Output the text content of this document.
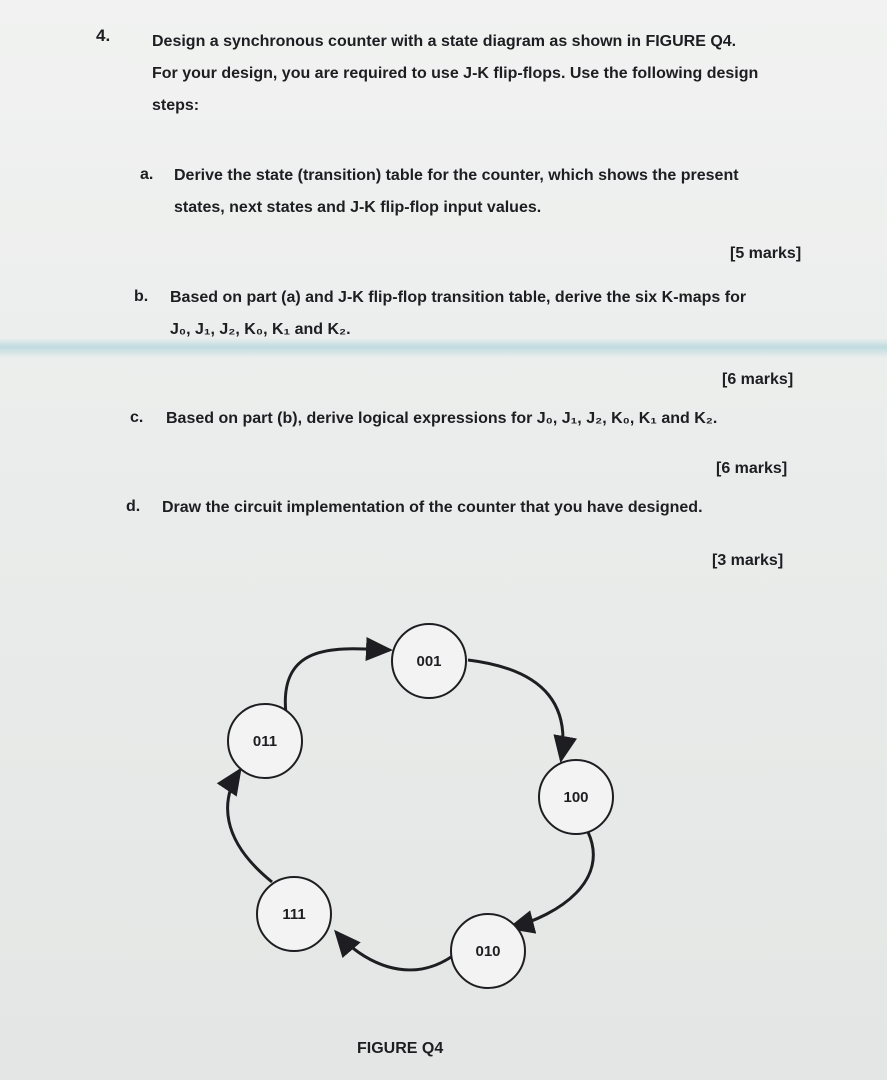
4.	Design a synchronous counter with a state diagram as shown in FIGURE Q4.
For your design, you are required to use J-K flip-flops. Use the following design
steps:
a. Derive the state (transition) table for the counter, which shows the present
states, next states and J-K flip-flop input values.
[5 marks]
b. Based on part (a) and J-K flip-flop transition table, derive the six K-maps for
J₀, J₁, J₂, K₀, K₁ and K₂.
[6 marks]
c. Based on part (b), derive logical expressions for J₀, J₁, J₂, K₀, K₁ and K₂.
[6 marks]
d. Draw the circuit implementation of the counter that you have designed.
[3 marks]
001
100
010
111
011
FIGURE Q4
